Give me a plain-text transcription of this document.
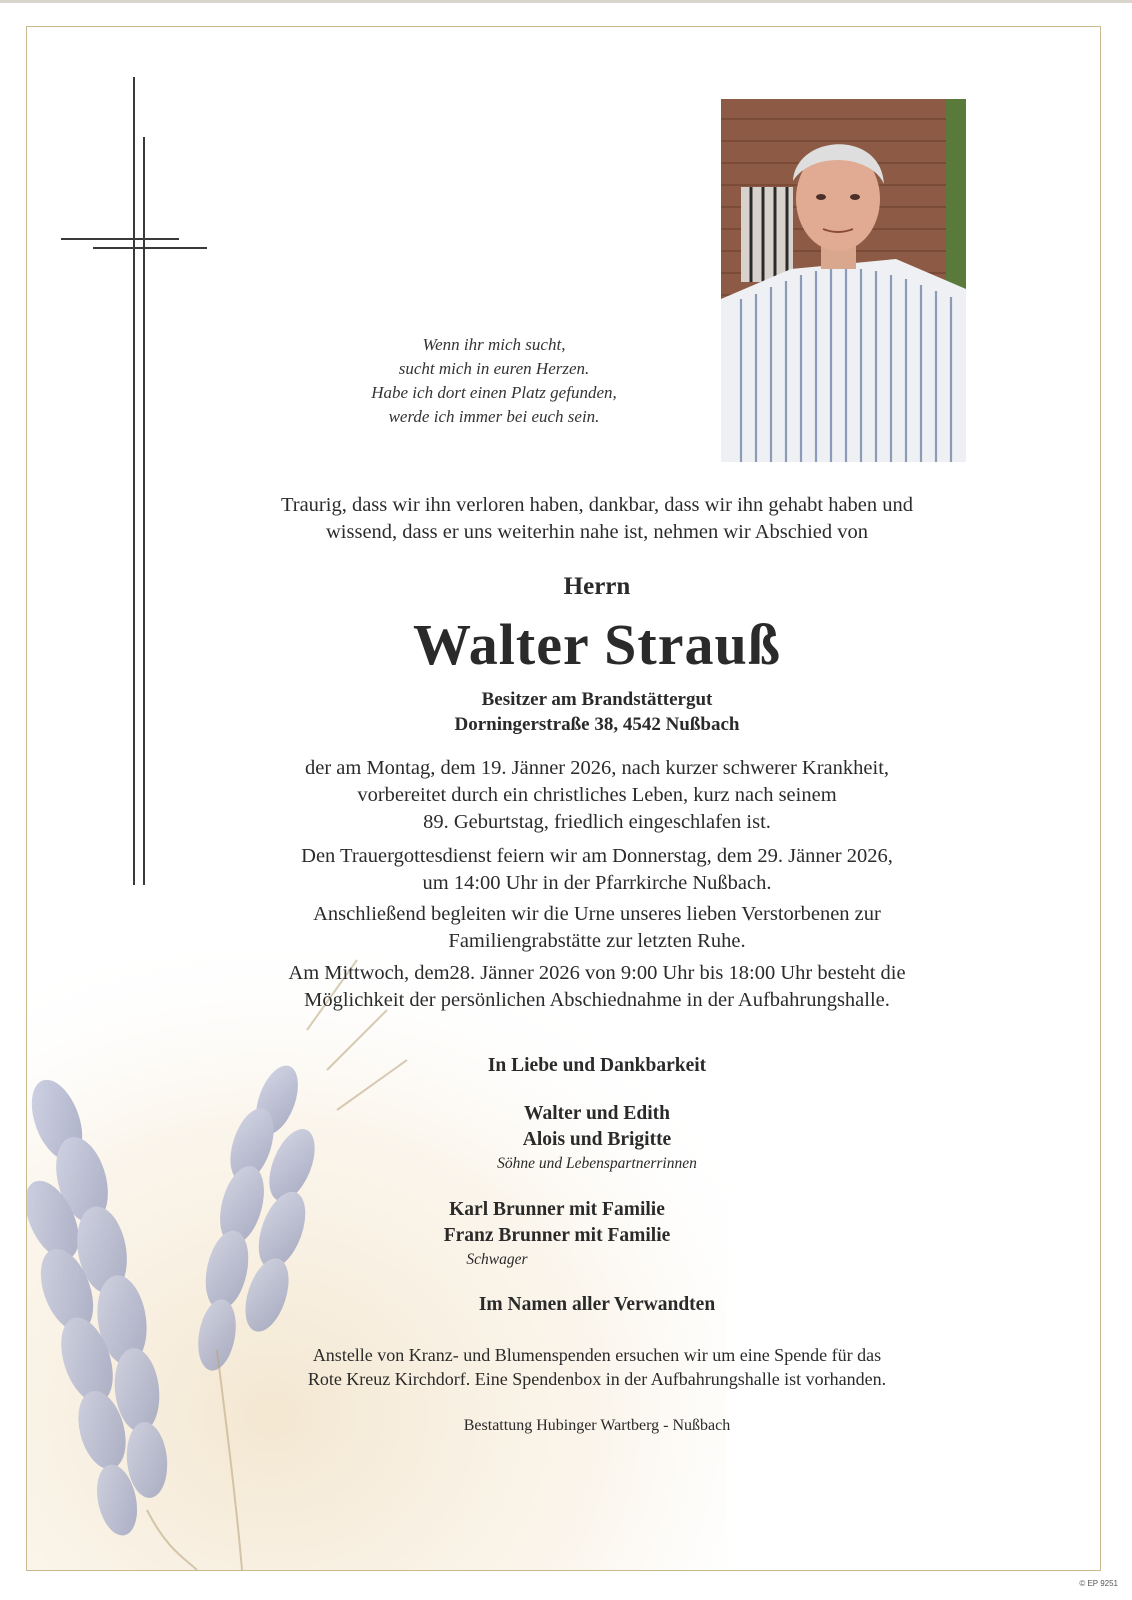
Wenn ihr mich sucht,
sucht mich in euren Herzen.
Habe ich dort einen Platz gefunden,
werde ich immer bei euch sein.
Traurig, dass wir ihn verloren haben, dankbar, dass wir ihn gehabt haben und
wissend, dass er uns weiterhin nahe ist, nehmen wir Abschied von
Herrn
Walter Strauß
Besitzer am Brandstättergut
Dorningerstraße 38, 4542 Nußbach
der am Montag, dem 19. Jänner 2026, nach kurzer schwerer Krankheit,
vorbereitet durch ein christliches Leben, kurz nach seinem
89. Geburtstag, friedlich eingeschlafen ist.
Den Trauergottesdienst feiern wir am Donnerstag, dem 29. Jänner 2026,
um 14:00 Uhr in der Pfarrkirche Nußbach.
Anschließend begleiten wir die Urne unseres lieben Verstorbenen zur
Familiengrabstätte zur letzten Ruhe.
Am Mittwoch, dem28. Jänner 2026 von 9:00 Uhr bis 18:00 Uhr besteht die
Möglichkeit der persönlichen Abschiednahme in der Aufbahrungshalle.
In Liebe und Dankbarkeit
Walter und Edith
Alois und Brigitte
Söhne und Lebenspartnerrinnen
Karl Brunner mit Familie
Franz Brunner mit Familie
Schwager
Im Namen aller Verwandten
Anstelle von Kranz- und Blumenspenden ersuchen wir um eine Spende für das
Rote Kreuz Kirchdorf. Eine Spendenbox in der Aufbahrungshalle ist vorhanden.
Bestattung Hubinger Wartberg - Nußbach
© EP 9251
